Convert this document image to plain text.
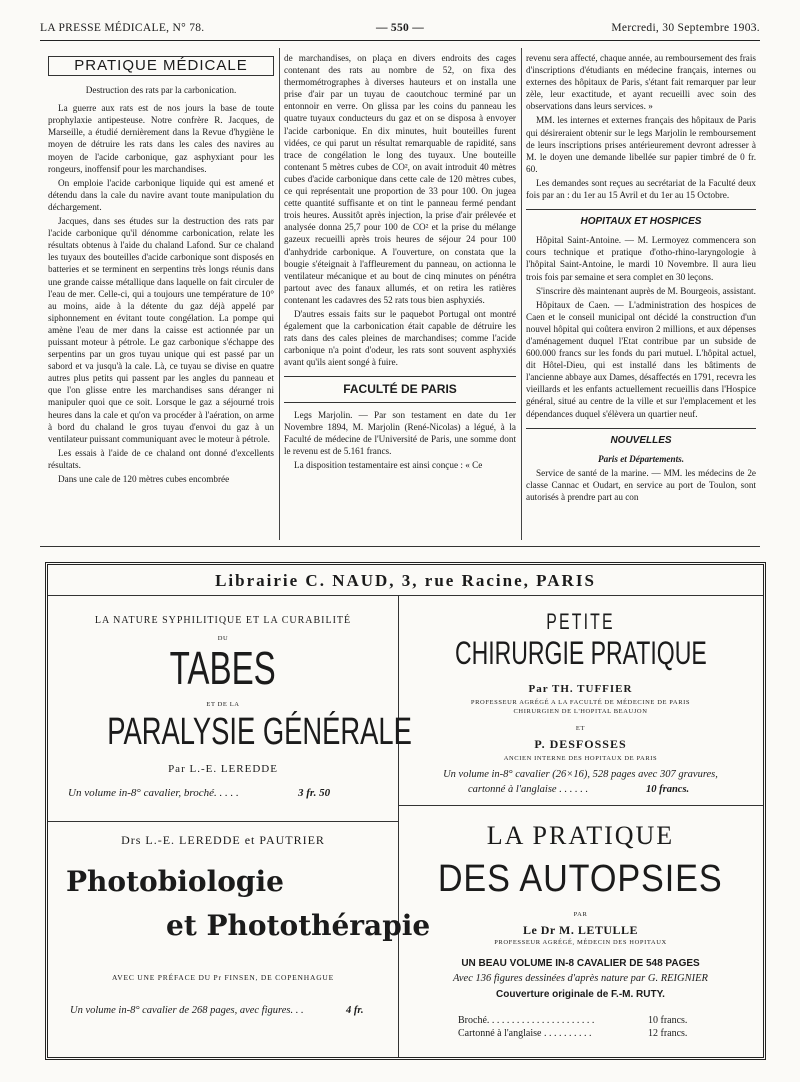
LA PRESSE MÉDICALE, N° 78.	— 550 —	Mercredi, 30 Septembre 1903.
PRATIQUE MÉDICALE
Destruction des rats par la carbonication.

La guerre aux rats est de nos jours la base de toute prophylaxie antipesteuse. Notre confrère R. Jacques, de Marseille, a étudié dernièrement dans la Revue d'hygiène le moyen de détruire les rats dans les cales des navires au moyen de l'acide carbonique, gaz asphyxiant pour les rongeurs, inoffensif pour les marchandises.

On emploie l'acide carbonique liquide qui est amené et détendu dans la cale du navire avant toute manipulation du déchargement.

Jacques, dans ses études sur la destruction des rats par l'acide carbonique qu'il dénomme carbonication, relate les résultats obtenus à l'aide du chaland Lafond. Sur ce chaland les tuyaux des bouteilles d'acide carbonique sont disposés en batteries et se terminent en serpentins très longs réunis dans une grande caisse métallique dans laquelle on fait circuler de l'eau de mer. Celle-ci, qui a toujours une température de 10° au moins, aide à la détente du gaz déjà appelé par siphonnement en évitant toute congélation. La pompe qui amène l'eau de mer dans la caisse est actionnée par un puissant moteur à pétrole. Le gaz carbonique s'échappe des serpentins par un gros tuyau unique qui est passé par un sabord et va jusqu'à la cale. Là, ce tuyau se divise en quatre autres plus petits qui passent par les angles du panneau et que l'on glisse entre les marchandises sans déranger ni manipuler quoi que ce soit. Lorsque le gaz a séjourné trois heures dans la cale et qu'on va procéder à l'aération, on arme à bord du chaland le gros tuyau d'envoi du gaz à un ventilateur puissant communiquant avec le moteur à pétrole.

Les essais à l'aide de ce chaland ont donné d'excellents résultats.

Dans une cale de 120 mètres cubes encombrée

de marchandises, on plaça en divers endroits des cages contenant des rats au nombre de 52, on fixa des thermométrographes à diverses hauteurs et on installa une prise d'air par un tuyau de caoutchouc terminé par un entonnoir en verre. On glissa par les coins du panneau les quatre tuyaux conducteurs du gaz et on se disposa à envoyer l'acide carbonique. En dix minutes, huit bouteilles furent vidées, ce qui parut un résultat remarquable de rapidité, sans trace de congélation le long des tuyaux. Une bouteille contenant 5 mètres cubes de CO², on avait introduit 40 mètres cubes d'acide carbonique dans cette cale de 120 mètres cubes, ce qui représentait une proportion de 33 pour 100. On jugea cette quantité suffisante et on tint le panneau fermé pendant trois heures. Aussitôt après injection, la prise d'air prélevée et analysée donna 25,7 pour 100 de CO² et la prise du mélange gazeux recueilli après trois heures de séjour 24 pour 100 d'anhydride carbonique. A l'ouverture, on constata que la bougie s'éteignait à l'affleurement du panneau, on actionna le ventilateur mécanique et au bout de cinq minutes on pénétra partout avec des fanaux allumés, et on retira les ratières contenant les cadavres des 52 rats tous bien asphyxiés.

D'autres essais faits sur le paquebot Portugal ont montré également que la carbonication était capable de détruire les rats dans des cales pleines de marchandises; comme l'acide carbonique n'a point d'odeur, les rats sont souvent asphyxiés avant qu'ils aient songé à fuire.

FACULTÉ DE PARIS

Legs Marjolin. — Par son testament en date du 1er Novembre 1894, M. Marjolin (René-Nicolas) a légué, à la Faculté de médecine de l'Université de Paris, une somme dont le revenu est de 5.161 francs.

La disposition testamentaire est ainsi conçue : « Ce

revenu sera affecté, chaque année, au remboursement des frais d'inscriptions d'étudiants en médecine français, internes ou externes des hôpitaux de Paris, s'étant fait remarquer par leur zèle, leur exactitude, et ayant recueilli avec soin des observations dans leurs services. »

MM. les internes et externes français des hôpitaux de Paris qui désireraient obtenir sur le legs Marjolin le remboursement de leurs inscriptions prises antérieurement devront adresser à M. le doyen une demande libellée sur papier timbré de 0 fr. 60.

Les demandes sont reçues au secrétariat de la Faculté deux fois par an : du 1er au 15 Avril et du 1er au 15 Octobre.

HOPITAUX ET HOSPICES

Hôpital Saint-Antoine. — M. Lermoyez commencera son cours technique et pratique d'otho-rhino-laryngologie à l'hôpital Saint-Antoine, le mardi 10 Novembre. Il aura lieu trois fois par semaine et sera complet en 30 leçons.

S'inscrire dès maintenant auprès de M. Bourgeois, assistant.

Hôpitaux de Caen. — L'administration des hospices de Caen et le conseil municipal ont décidé la construction d'un nouvel hôpital qui coûtera environ 2 millions, et aux dépenses d'aménagement duquel l'Etat contribue par un subside de 600.000 francs sur les fonds du pari mutuel. L'hôpital actuel, dit Hôtel-Dieu, qui est installé dans les bâtiments de l'ancienne abbaye aux Dames, désaffectés en 1791, recevra les vieillards et les enfants actuellement recueillis dans l'Hospice général, situé au centre de la ville et sur l'emplacement et les dépendances duquel s'élèvera un quartier neuf.

NOUVELLES
Paris et Départements.

Service de santé de la marine. — MM. les médecins de 2e classe Cannac et Oudart, en service au port de Toulon, sont autorisés à prendre part au con

Librairie C. NAUD, 3, rue Racine, PARIS
LA NATURE SYPHILITIQUE ET LA CURABILITÉ
DU
TABES
ET DE LA
PARALYSIE GÉNÉRALE
Par L.-E. LEREDDE
Un volume in-8° cavalier, broché. . . . .	3 fr. 50
Drs L.-E. LEREDDE et PAUTRIER
Photobiologie
et Photothérapie
AVEC UNE PRÉFACE DU Pr FINSEN, DE COPENHAGUE
Un volume in-8° cavalier de 268 pages, avec figures. . .	4 fr.
PETITE
CHIRURGIE PRATIQUE
Par TH. TUFFIER
PROFESSEUR AGRÉGÉ A LA FACULTÉ DE MÉDECINE DE PARIS
CHIRURGIEN DE L'HOPITAL BEAUJON
ET
P. DESFOSSES
ANCIEN INTERNE DES HOPITAUX DE PARIS
Un volume in-8° cavalier (26×16), 528 pages avec 307 gravures,
cartonné à l'anglaise . . . . . .	10 francs.
LA PRATIQUE
DES AUTOPSIES
PAR
Le Dr M. LETULLE
PROFESSEUR AGRÉGÉ, MÉDECIN DES HOPITAUX
UN BEAU VOLUME IN-8 CAVALIER DE 548 PAGES
Avec 136 figures dessinées d'après nature par G. REIGNIER
Couverture originale de F.-M. RUTY.
Broché. . . . . . . . . . . . . . . . . . . . . .	10 francs.
Cartonné à l'anglaise . . . . . . . . . .	12 francs.
